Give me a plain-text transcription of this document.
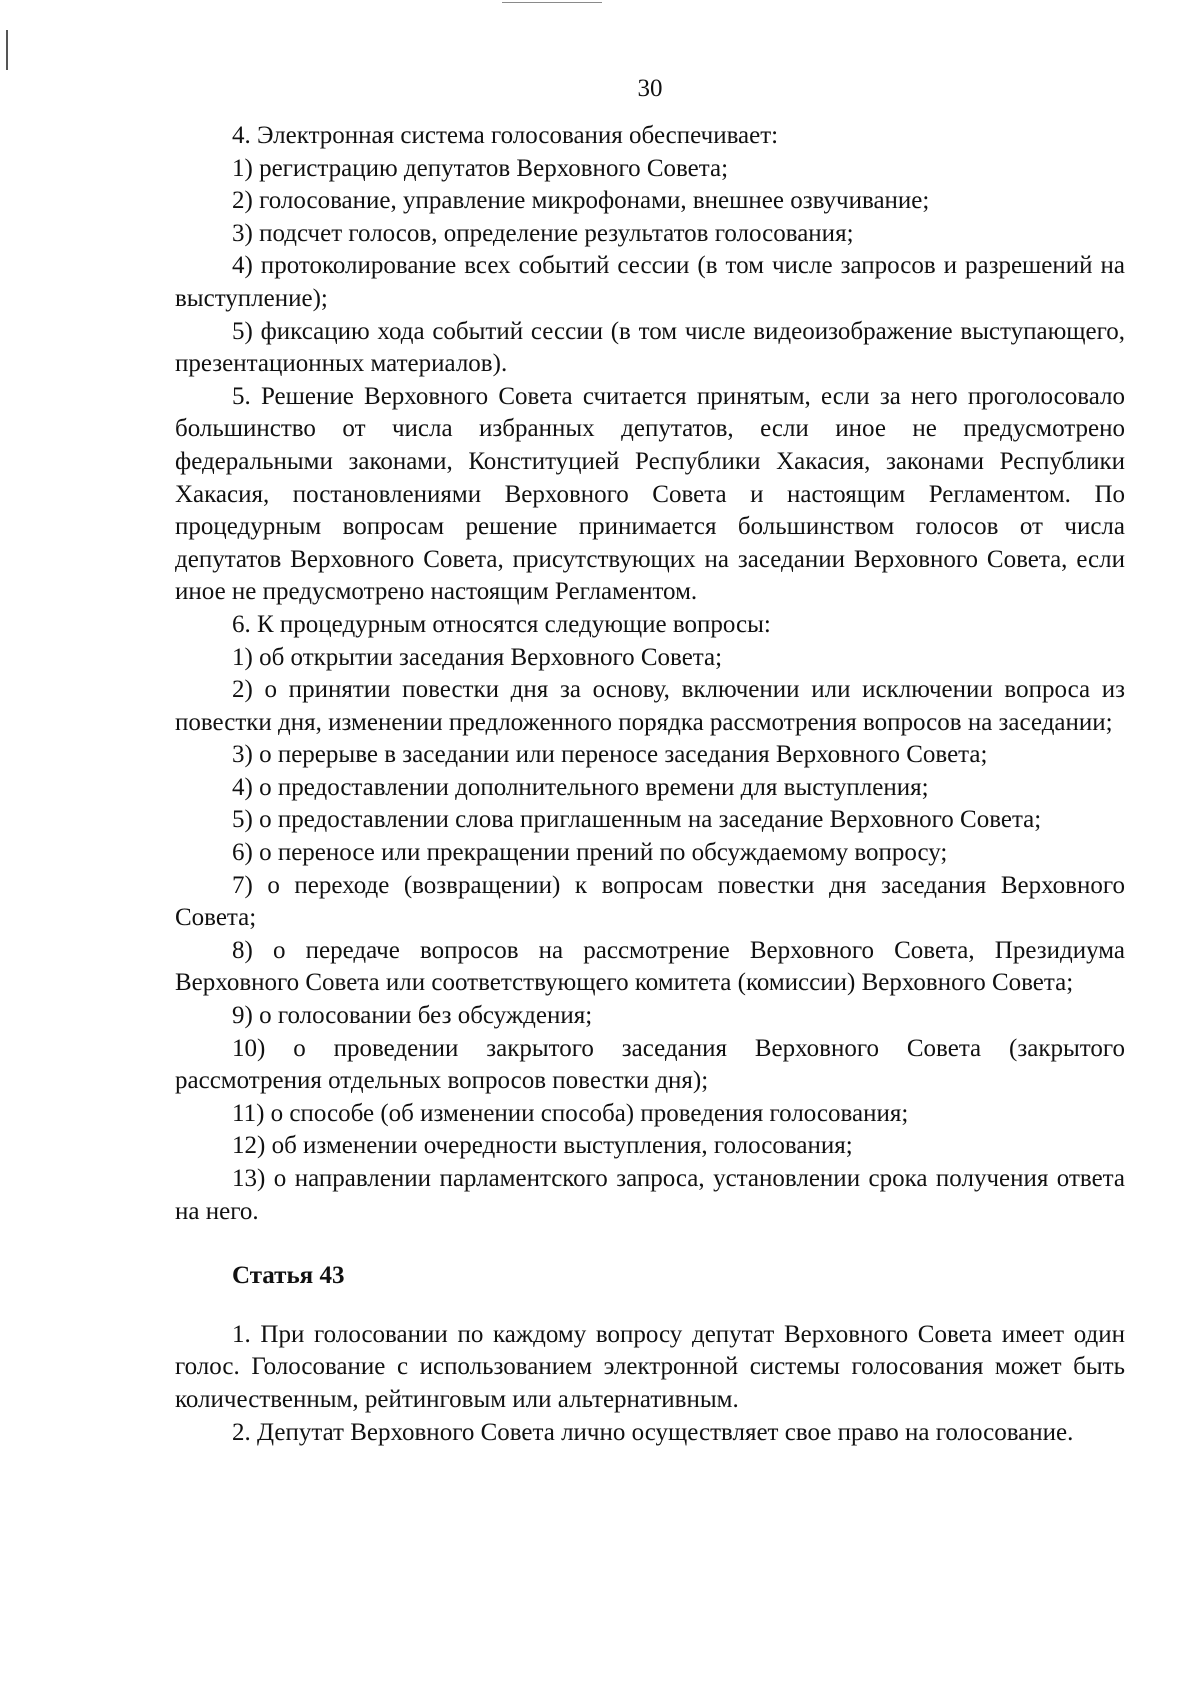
30

4. Электронная система голосования обеспечивает:

1) регистрацию депутатов Верховного Совета;

2) голосование, управление микрофонами, внешнее озвучивание;

3) подсчет голосов, определение результатов голосования;

4) протоколирование всех событий сессии (в том числе запросов и разрешений на выступление);

5) фиксацию хода событий сессии (в том числе видеоизображение выступающего, презентационных материалов).

5. Решение Верховного Совета считается принятым, если за него проголосовало большинство от числа избранных депутатов, если иное не предусмотрено федеральными законами, Конституцией Республики Хакасия, законами Республики Хакасия, постановлениями Верховного Совета и настоящим Регламентом. По процедурным вопросам решение принимается большинством голосов от числа депутатов Верховного Совета, присутствующих на заседании Верховного Совета, если иное не предусмотрено настоящим Регламентом.

6. К процедурным относятся следующие вопросы:

1) об открытии заседания Верховного Совета;

2) о принятии повестки дня за основу, включении или исключении вопроса из повестки дня, изменении предложенного порядка рассмотрения вопросов на заседании;

3) о перерыве в заседании или переносе заседания Верховного Совета;

4) о предоставлении дополнительного времени для выступления;

5) о предоставлении слова приглашенным на заседание Верховного Совета;

6) о переносе или прекращении прений по обсуждаемому вопросу;

7) о переходе (возвращении) к вопросам повестки дня заседания Верховного Совета;

8) о передаче вопросов на рассмотрение Верховного Совета, Президиума Верховного Совета или соответствующего комитета (комиссии) Верховного Совета;

9) о голосовании без обсуждения;

10) о проведении закрытого заседания Верховного Совета (закрытого рассмотрения отдельных вопросов повестки дня);

11) о способе (об изменении способа) проведения голосования;

12) об изменении очередности выступления, голосования;

13) о направлении парламентского запроса, установлении срока получения ответа на него.

Статья 43

1. При голосовании по каждому вопросу депутат Верховного Совета имеет один голос. Голосование с использованием электронной системы голосования может быть количественным, рейтинговым или альтернативным.

2. Депутат Верховного Совета лично осуществляет свое право на голосование.
